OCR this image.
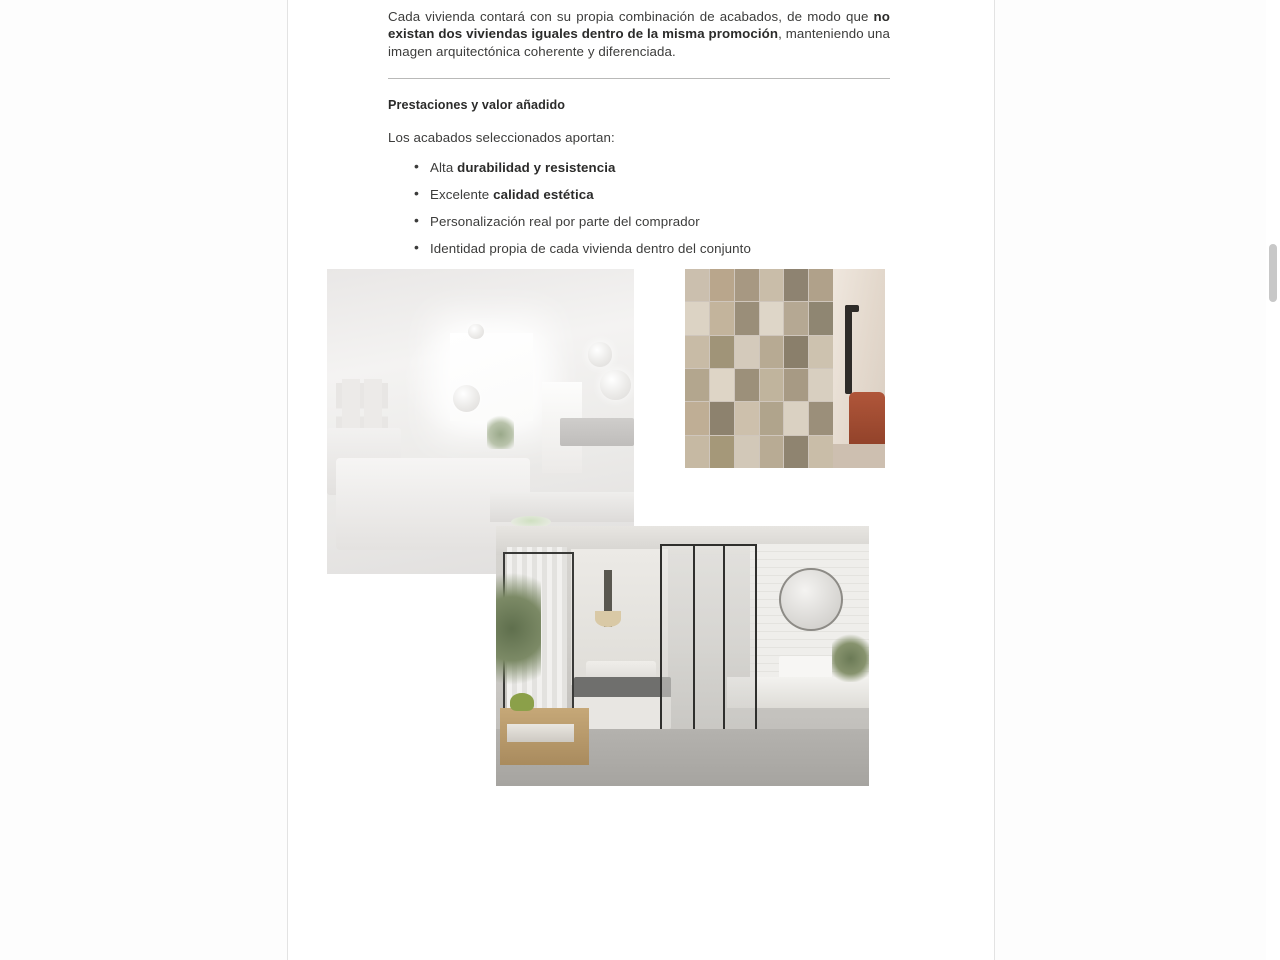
Cada vivienda contará con su propia combinación de acabados, de modo que no existan dos viviendas iguales dentro de la misma promoción, manteniendo una imagen arquitectónica coherente y diferenciada.

Prestaciones y valor añadido

Los acabados seleccionados aportan:

• Alta durabilidad y resistencia
• Excelente calidad estética
• Personalización real por parte del comprador
• Identidad propia de cada vivienda dentro del conjunto
